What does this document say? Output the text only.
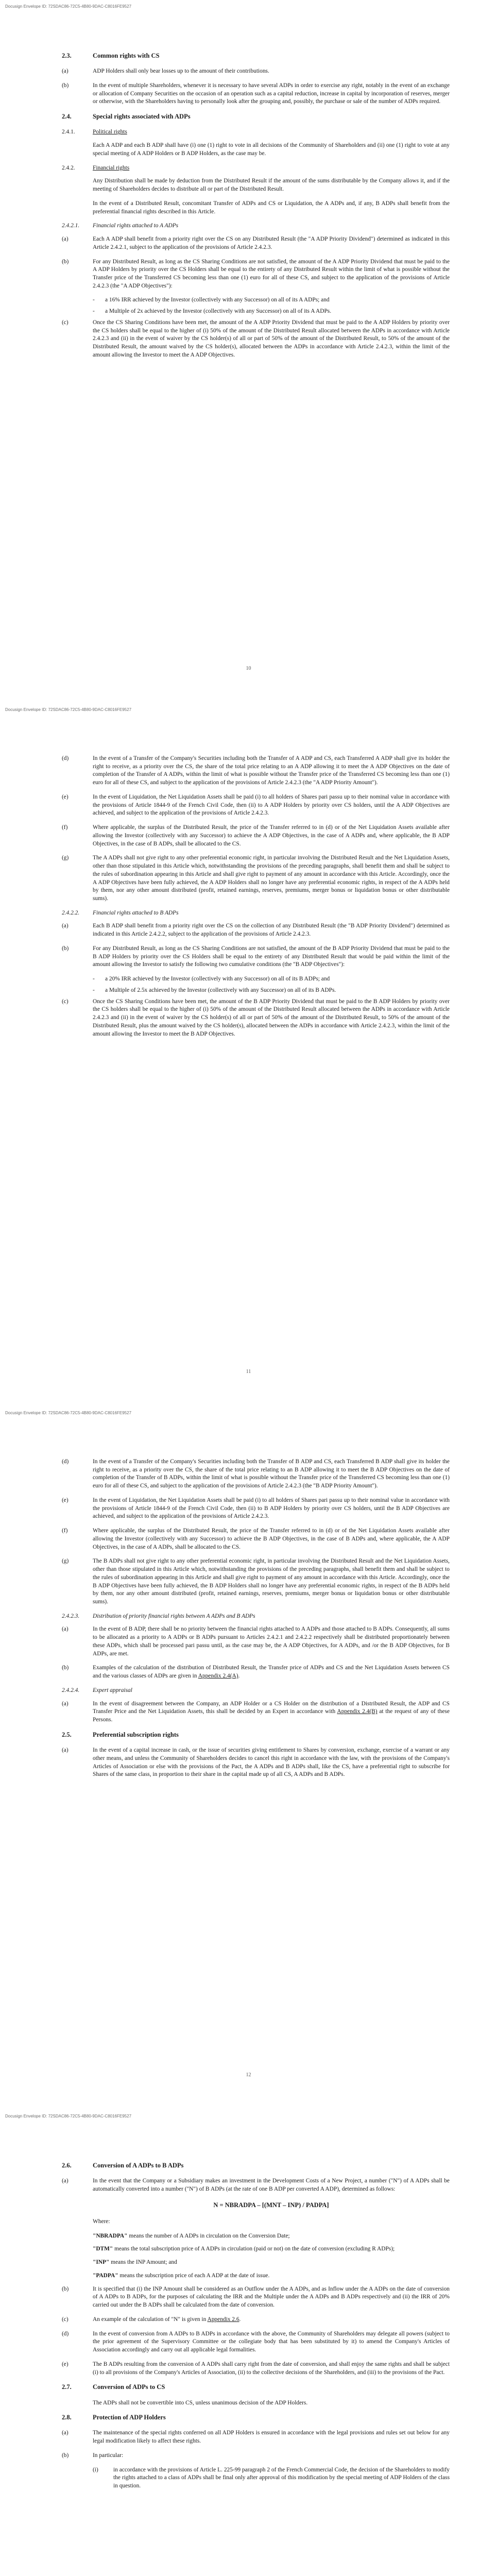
Docusign Envelope ID: 72SDAC86-72C5-4B80-9DAC-C8016FE9527
2.3.	Common rights with CS
(a)	ADP Holders shall only bear losses up to the amount of their contributions.
(b)	In the event of multiple Shareholders, whenever it is necessary to have several ADPs in order to exercise any right, notably in the event of an exchange or allocation of Company Securities on the occasion of an operation such as a capital reduction, increase in capital by incorporation of reserves, merger or otherwise, with the Shareholders having to personally look after the grouping and, possibly, the purchase or sale of the number of ADPs required.
2.4.	Special rights associated with ADPs
2.4.1.	Political rights
Each A ADP and each B ADP shall have (i) one (1) right to vote in all decisions of the Community of Shareholders and (ii) one (1) right to vote at any special meeting of A ADP Holders or B ADP Holders, as the case may be.
2.4.2.	Financial rights
Any Distribution shall be made by deduction from the Distributed Result if the amount of the sums distributable by the Company allows it, and if the meeting of Shareholders decides to distribute all or part of the Distributed Result.
In the event of a Distributed Result, concomitant Transfer of ADPs and CS or Liquidation, the A ADPs and, if any, B ADPs shall benefit from the preferential financial rights described in this Article.
2.4.2.1.	Financial rights attached to A ADPs
(a)	Each A ADP shall benefit from a priority right over the CS on any Distributed Result (the "A ADP Priority Dividend") determined as indicated in this Article 2.4.2.1, subject to the application of the provisions of Article 2.4.2.3.
(b)	For any Distributed Result, as long as the CS Sharing Conditions are not satisfied, the amount of the A ADP Priority Dividend that must be paid to the A ADP Holders by priority over the CS Holders shall be equal to the entirety of any Distributed Result within the limit of what is possible without the Transfer price of the Transferred CS becoming less than one (1) euro for all of these CS, and subject to the application of the provisions of Article 2.4.2.3 (the "A ADP Objectives"):
-	a 16% IRR achieved by the Investor (collectively with any Successor) on all of its A ADPs; and
-	a Multiple of 2x achieved by the Investor (collectively with any Successor) on all of its A ADPs.
(c)	Once the CS Sharing Conditions have been met, the amount of the A ADP Priority Dividend that must be paid to the A ADP Holders by priority over the CS holders shall be equal to the higher of (i) 50% of the amount of the Distributed Result allocated between the ADPs in accordance with Article 2.4.2.3 and (ii) in the event of waiver by the CS holder(s) of all or part of 50% of the amount of the Distributed Result, to 50% of the amount of the Distributed Result, the amount waived by the CS holder(s), allocated between the ADPs in accordance with Article 2.4.2.3, within the limit of the amount allowing the Investor to meet the A ADP Objectives.
10
Docusign Envelope ID: 72SDAC86-72C5-4B80-9DAC-C8016FE9527
(d)	In the event of a Transfer of the Company's Securities including both the Transfer of A ADP and CS, each Transferred A ADP shall give its holder the right to receive, as a priority over the CS, the share of the total price relating to an A ADP allowing it to meet the A ADP Objectives on the date of completion of the Transfer of A ADPs, within the limit of what is possible without the Transfer price of the Transferred CS becoming less than one (1) euro for all of these CS, and subject to the application of the provisions of Article 2.4.2.3 (the "A ADP Priority Amount").
(e)	In the event of Liquidation, the Net Liquidation Assets shall be paid (i) to all holders of Shares pari passu up to their nominal value in accordance with the provisions of Article 1844-9 of the French Civil Code, then (ii) to A ADP Holders by priority over CS holders, until the A ADP Objectives are achieved, and subject to the application of the provisions of Article 2.4.2.3.
(f)	Where applicable, the surplus of the Distributed Result, the price of the Transfer referred to in (d) or of the Net Liquidation Assets available after allowing the Investor (collectively with any Successor) to achieve the A ADP Objectives, in the case of A ADPs and, where applicable, the B ADP Objectives, in the case of B ADPs, shall be allocated to the CS.
(g)	The A ADPs shall not give right to any other preferential economic right, in particular involving the Distributed Result and the Net Liquidation Assets, other than those stipulated in this Article which, notwithstanding the provisions of the preceding paragraphs, shall benefit them and shall be subject to the rules of subordination appearing in this Article and shall give right to payment of any amount in accordance with this Article. Accordingly, once the A ADP Objectives have been fully achieved, the A ADP Holders shall no longer have any preferential economic rights, in respect of the A ADPs held by them, nor any other amount distributed (profit, retained earnings, reserves, premiums, merger bonus or liquidation bonus or other distributable sums).
2.4.2.2.	Financial rights attached to B ADPs
(a)	Each B ADP shall benefit from a priority right over the CS on the collection of any Distributed Result (the "B ADP Priority Dividend") determined as indicated in this Article 2.4.2.2, subject to the application of the provisions of Article 2.4.2.3.
(b)	For any Distributed Result, as long as the CS Sharing Conditions are not satisfied, the amount of the B ADP Priority Dividend that must be paid to the B ADP Holders by priority over the CS Holders shall be equal to the entirety of any Distributed Result that would be paid within the limit of the amount allowing the Investor to satisfy the following two cumulative conditions (the "B ADP Objectives"):
-	a 20% IRR achieved by the Investor (collectively with any Successor) on all of its B ADPs; and
-	a Multiple of 2.5x achieved by the Investor (collectively with any Successor) on all of its B ADPs.
(c)	Once the CS Sharing Conditions have been met, the amount of the B ADP Priority Dividend that must be paid to the B ADP Holders by priority over the CS holders shall be equal to the higher of (i) 50% of the amount of the Distributed Result allocated between the ADPs in accordance with Article 2.4.2.3 and (ii) in the event of waiver by the CS holder(s) of all or part of 50% of the amount of the Distributed Result, to 50% of the amount of the Distributed Result, plus the amount waived by the CS holder(s), allocated between the ADPs in accordance with Article 2.4.2.3, within the limit of the amount allowing the Investor to meet the B ADP Objectives.
11
Docusign Envelope ID: 72SDAC86-72C5-4B80-9DAC-C8016FE9527
(d)	In the event of a Transfer of the Company's Securities including both the Transfer of B ADP and CS, each Transferred B ADP shall give its holder the right to receive, as a priority over the CS, the share of the total price relating to an B ADP allowing it to meet the B ADP Objectives on the date of completion of the Transfer of B ADPs, within the limit of what is possible without the Transfer price of the Transferred CS becoming less than one (1) euro for all of these CS, and subject to the application of the provisions of Article 2.4.2.3 (the "B ADP Priority Amount").
(e)	In the event of Liquidation, the Net Liquidation Assets shall be paid (i) to all holders of Shares pari passu up to their nominal value in accordance with the provisions of Article 1844-9 of the French Civil Code, then (ii) to B ADP Holders by priority over CS holders, until the B ADP Objectives are achieved, and subject to the application of the provisions of Article 2.4.2.3.
(f)	Where applicable, the surplus of the Distributed Result, the price of the Transfer referred to in (d) or of the Net Liquidation Assets available after allowing the Investor (collectively with any Successor) to achieve the B ADP Objectives, in the case of B ADPs and, where applicable, the A ADP Objectives, in the case of A ADPs, shall be allocated to the CS.
(g)	The B ADPs shall not give right to any other preferential economic right, in particular involving the Distributed Result and the Net Liquidation Assets, other than those stipulated in this Article which, notwithstanding the provisions of the preceding paragraphs, shall benefit them and shall be subject to the rules of subordination appearing in this Article and shall give right to payment of any amount in accordance with this Article. Accordingly, once the B ADP Objectives have been fully achieved, the B ADP Holders shall no longer have any preferential economic rights, in respect of the B ADPs held by them, nor any other amount distributed (profit, retained earnings, reserves, premiums, merger bonus or liquidation bonus or other distributable sums).
2.4.2.3.	Distribution of priority financial rights between A ADPs and B ADPs
(a)	In the event of B ADP, there shall be no priority between the financial rights attached to A ADPs and those attached to B ADPs. Consequently, all sums to be allocated as a priority to A ADPs or B ADPs pursuant to Articles 2.4.2.1 and 2.4.2.2 respectively shall be distributed proportionately between these ADPs, which shall be processed pari passu until, as the case may be, the A ADP Objectives, for A ADPs, and /or the B ADP Objectives, for B ADPs, are met.
(b)	Examples of the calculation of the distribution of Distributed Result, the Transfer price of ADPs and CS and the Net Liquidation Assets between CS and the various classes of ADPs are given in Appendix 2.4(A).
2.4.2.4.	Expert appraisal
(a)	In the event of disagreement between the Company, an ADP Holder or a CS Holder on the distribution of a Distributed Result, the ADP and CS Transfer Price and the Net Liquidation Assets, this shall be decided by an Expert in accordance with Appendix 2.4(B) at the request of any of these Persons.
2.5.	Preferential subscription rights
(a)	In the event of a capital increase in cash, or the issue of securities giving entitlement to Shares by conversion, exchange, exercise of a warrant or any other means, and unless the Community of Shareholders decides to cancel this right in accordance with the law, with the provisions of the Company's Articles of Association or else with the provisions of the Pact, the A ADPs and B ADPs shall, like the CS, have a preferential right to subscribe for Shares of the same class, in proportion to their share in the capital made up of all CS, A ADPs and B ADPs.
12
Docusign Envelope ID: 72SDAC86-72C5-4B80-9DAC-C8016FE9527
2.6.	Conversion of A ADPs to B ADPs
(a)	In the event that the Company or a Subsidiary makes an investment in the Development Costs of a New Project, a number ("N") of A ADPs shall be automatically converted into a number ("N") of B ADPs (at the rate of one B ADP per converted A ADP), determined as follows:
N = NBRADPA – [(MNT – INP) / PADPA]
Where:
"NBRADPA" means the number of A ADPs in circulation on the Conversion Date;
"DTM" means the total subscription price of A ADPs in circulation (paid or not) on the date of conversion (excluding R ADPs);
"INP" means the INP Amount; and
"PADPA" means the subscription price of each A ADP at the date of issue.
(b)	It is specified that (i) the INP Amount shall be considered as an Outflow under the A ADPs, and as Inflow under the A ADPs on the date of conversion of A ADPs to B ADPs, for the purposes of calculating the IRR and the Multiple under the A ADPs and B ADPs respectively and (ii) the IRR of 20% carried out under the B ADPs shall be calculated from the date of conversion.
(c)	An example of the calculation of "N" is given in Appendix 2.6.
(d)	In the event of conversion from A ADPs to B ADPs in accordance with the above, the Community of Shareholders may delegate all powers (subject to the prior agreement of the Supervisory Committee or the collegiate body that has been substituted by it) to amend the Company's Articles of Association accordingly and carry out all applicable legal formalities.
(e)	The B ADPs resulting from the conversion of A ADPs shall carry right from the date of conversion, and shall enjoy the same rights and shall be subject (i) to all provisions of the Company's Articles of Association, (ii) to the collective decisions of the Shareholders, and (iii) to the provisions of the Pact.
2.7.	Conversion of ADPs to CS
The ADPs shall not be convertible into CS, unless unanimous decision of the ADP Holders.
2.8.	Protection of ADP Holders
(a)	The maintenance of the special rights conferred on all ADP Holders is ensured in accordance with the legal provisions and rules set out below for any legal modification likely to affect these rights.
(b)	In particular:
(i)	in accordance with the provisions of Article L. 225-99 paragraph 2 of the French Commercial Code, the decision of the Shareholders to modify the rights attached to a class of ADPs shall be final only after approval of this modification by the special meeting of ADP Holders of the class in question.
